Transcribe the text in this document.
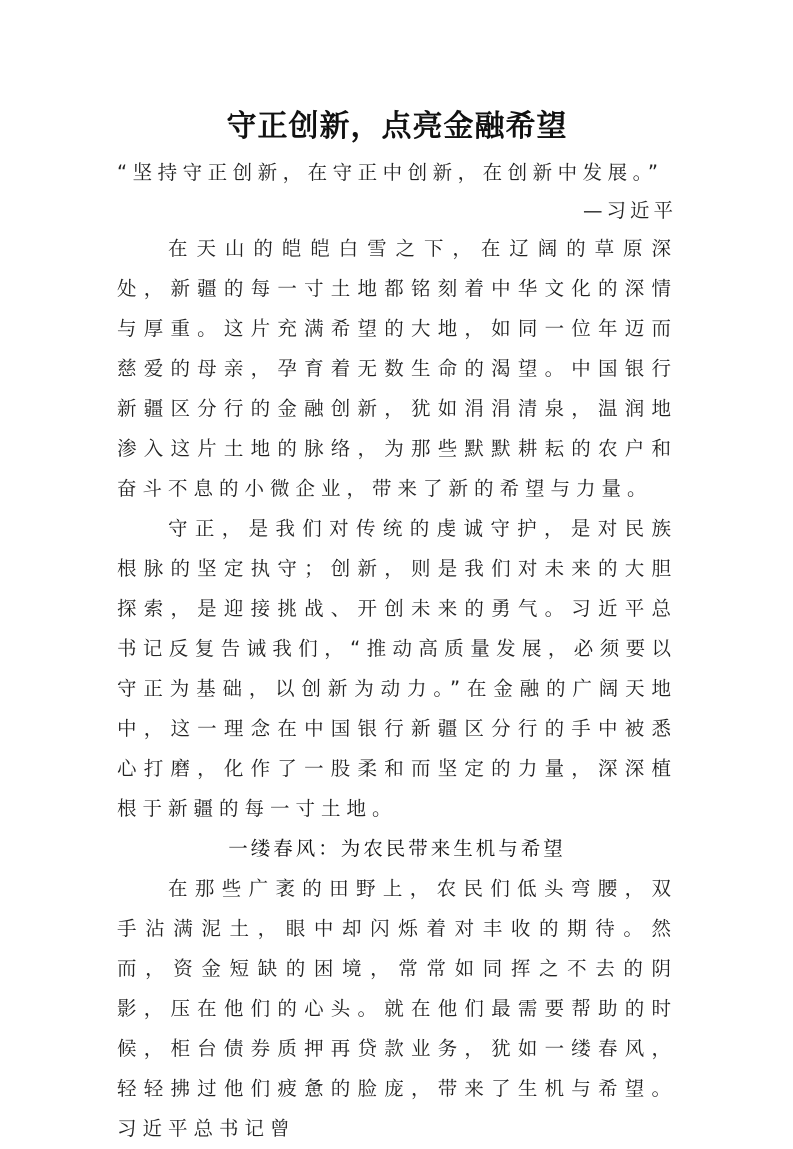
守正创新，点亮金融希望

“坚持守正创新，在守正中创新，在创新中发展。”

—习近平

在天山的皑皑白雪之下，在辽阔的草原深处，新疆的每一寸土地都铭刻着中华文化的深情与厚重。这片充满希望的大地，如同一位年迈而慈爱的母亲，孕育着无数生命的渴望。中国银行新疆区分行的金融创新，犹如涓涓清泉，温润地渗入这片土地的脉络，为那些默默耕耘的农户和奋斗不息的小微企业，带来了新的希望与力量。

守正，是我们对传统的虔诚守护，是对民族根脉的坚定执守；创新，则是我们对未来的大胆探索，是迎接挑战、开创未来的勇气。习近平总书记反复告诫我们，“推动高质量发展，必须要以守正为基础，以创新为动力。”在金融的广阔天地中，这一理念在中国银行新疆区分行的手中被悉心打磨，化作了一股柔和而坚定的力量，深深植根于新疆的每一寸土地。

一缕春风：为农民带来生机与希望

在那些广袤的田野上，农民们低头弯腰，双手沾满泥土，眼中却闪烁着对丰收的期待。然而，资金短缺的困境，常常如同挥之不去的阴影，压在他们的心头。就在他们最需要帮助的时候，柜台债券质押再贷款业务，犹如一缕春风，轻轻拂过他们疲惫的脸庞，带来了生机与希望。习近平总书记曾
